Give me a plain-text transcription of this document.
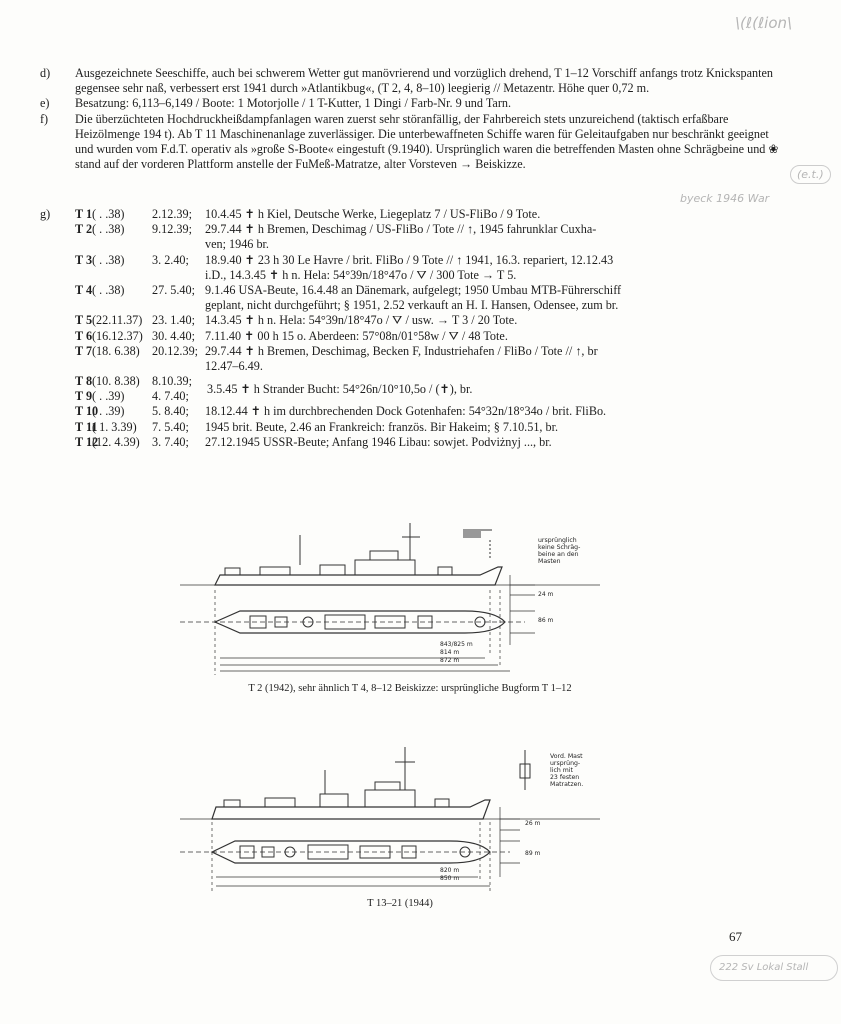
\(ℓ(ℓion\
(e.t.)
byeck 1946 War
222 Sv Lokal Stall
d) Ausgezeichnete Seeschiffe, auch bei schwerem Wetter gut manövrierend und vorzüglich drehend, T 1–12 Vorschiff anfangs trotz Knickspanten gegensee sehr naß, verbessert erst 1941 durch »Atlantikbug«, (T 2, 4, 8–10) leegierig // Metazentr. Höhe quer 0,72 m.

e) Besatzung: 6,113–6,149 / Boote: 1 Motorjolle / 1 T-Kutter, 1 Dingi / Farb-Nr. 9 und Tarn.

f) Die überzüchteten Hochdruckheißdampfanlagen waren zuerst sehr störanfällig, der Fahrbereich stets unzureichend (taktisch erfaßbare Heizölmenge 194 t). Ab T 11 Maschinenanlage zuverlässiger. Die unterbewaffneten Schiffe waren für Geleitaufgaben nur beschränkt geeignet und wurden vom F.d.T. operativ als »große S-Boote« eingestuft (9.1940). Ursprünglich waren die betreffenden Masten ohne Schrägbeine und ❀ stand auf der vorderen Plattform anstelle der FuMeß-Matratze, alter Vorsteven → Beiskizze.

g) T 1 ( . .38) 2.12.39; 10.4.45 ✝ h Kiel, Deutsche Werke, Liegeplatz 7 / US-FliBo / 9 Tote.
T 2 ( . .38) 9.12.39; 29.7.44 ✝ h Bremen, Deschimag / US-FliBo / Tote // ↑, 1945 fahrunklar Cuxha-
ven; 1946 br.
T 3 ( . .38) 3. 2.40; 18.9.40 ✝ 23 h 30 Le Havre / brit. FliBo / 9 Tote // ↑ 1941, 16.3. repariert, 12.12.43
i.D., 14.3.45 ✝ h n. Hela: 54°39n/18°47o / ⛛ / 300 Tote → T 5.
T 4 ( . .38) 27. 5.40; 9.1.46 USA-Beute, 16.4.48 an Dänemark, aufgelegt; 1950 Umbau MTB-Führerschiff
geplant, nicht durchgeführt; § 1951, 2.52 verkauft an H. I. Hansen, Odensee, zum br.
T 5 (22.11.37) 23. 1.40; 14.3.45 ✝ h n. Hela: 54°39n/18°47o / ⛛ / usw. → T 3 / 20 Tote.
T 6 (16.12.37) 30. 4.40; 7.11.40 ✝ 00 h 15 o. Aberdeen: 57°08n/01°58w / ⛛ / 48 Tote.
T 7 (18. 6.38) 20.12.39; 29.7.44 ✝ h Bremen, Deschimag, Becken F, Industriehafen / FliBo / Tote // ↑, br
12.47–6.49.
T 8 (10. 8.38) 8.10.39;
T 9 ( . .39) 4. 7.40;
3.5.45 ✝ h Strander Bucht: 54°26n/10°10,5o / (✝), br.
T 10
( . .39) 5. 8.40; 18.12.44 ✝ h im durchbrechenden Dock Gotenhafen: 54°32n/18°34o / brit. FliBo.
T 11
( 1. 3.39) 7. 5.40; 1945 brit. Beute, 2.46 an Frankreich: französ. Bir Hakeim; § 7.10.51, br.
T 12
(12. 4.39) 3. 7.40; 27.12.1945 USSR-Beute; Anfang 1946 Libau: sowjet. Podviżnyj ..., br.
ursprünglich
keine Schräg-
beine an den
Masten
24 m
86 m
843/825 m
814 m
872 m
T 2 (1942), sehr ähnlich T 4, 8–12 Beiskizze: ursprüngliche Bugform T 1–12
Vord. Mast
ursprüng-
lich mit
23 festen
Matratzen.
26 m
89 m
820 m
850 m
T 13–21 (1944)
67
